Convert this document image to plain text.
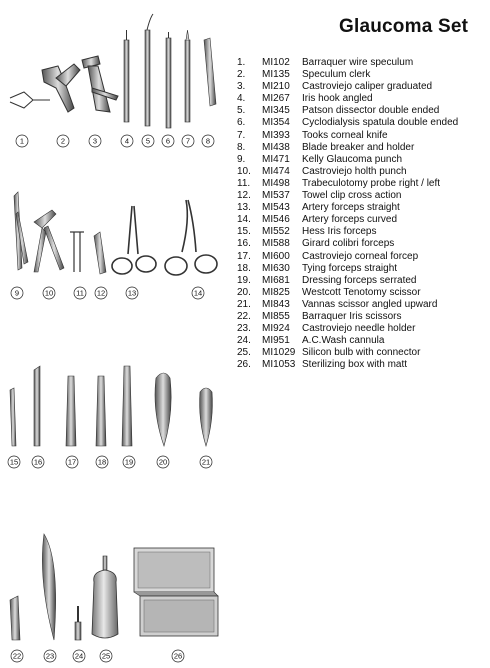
1	2	3	4 5 6 7 8
9	10	11 12	13	14
15 16	17	18 19	20	21
22	23	24 25	26
Glaucoma Set
1.	MI102	Barraquer wire speculum
2.	MI135	Speculum clerk
3.	MI210	Castroviejo caliper graduated
4.	MI267	Iris hook angled
5.	MI345	Patson dissector double ended
6.	MI354	Cyclodialysis spatula double ended
7.	MI393	Tooks corneal knife
8.	MI438	Blade breaker and holder
9.	MI471	Kelly Glaucoma punch
10.	MI474	Castroviejo holth punch
11.	MI498	Trabeculotomy probe right / left
12.	MI537	Towel clip cross action
13.	MI543	Artery forceps straight
14.	MI546	Artery forceps curved
15.	MI552	Hess Iris forceps
16.	MI588	Girard colibri forceps
17.	MI600	Castroviejo corneal forcep
18.	MI630	Tying forceps straight
19.	MI681	Dressing forceps serrated
20.	MI825	Westcott Tenotomy scissor
21.	MI843	Vannas scissor angled upward
22.	MI855	Barraquer Iris scissors
23.	MI924	Castroviejo needle holder
24.	MI951	A.C.Wash cannula
25.	MI1029 Silicon bulb with connector
26.	MI1053 Sterilizing box with matt
